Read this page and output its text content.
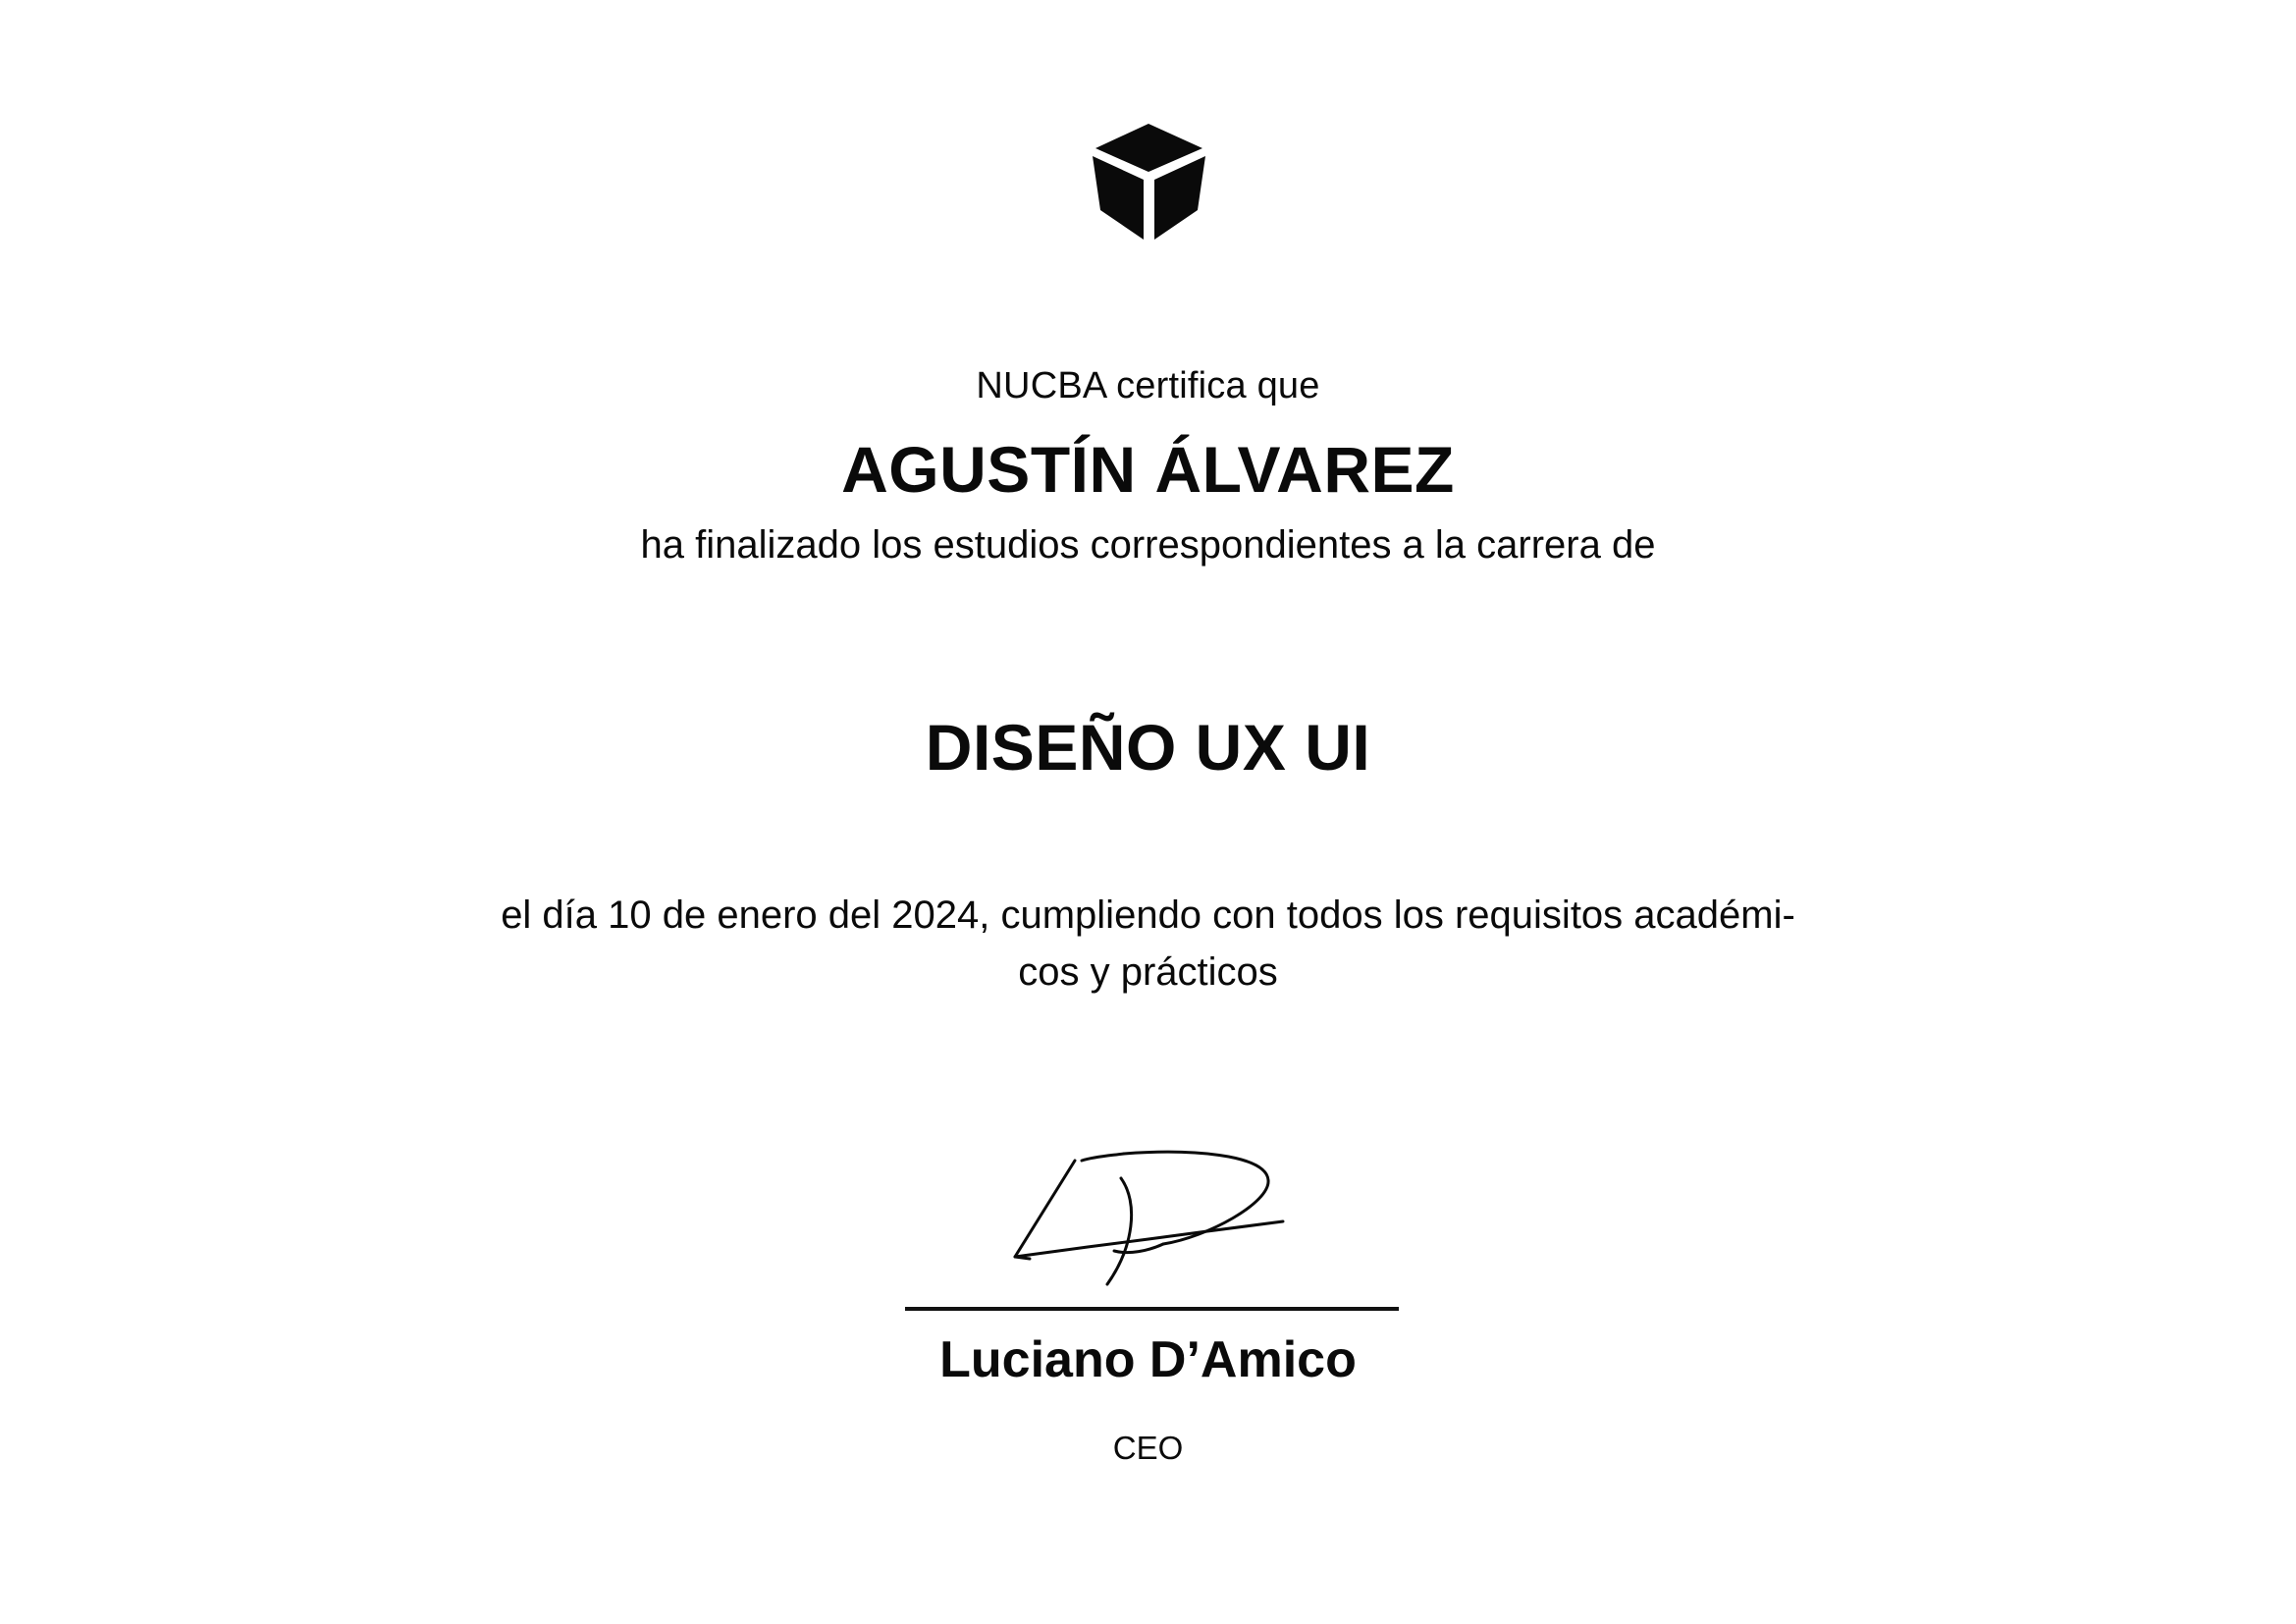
NUCBA certifica que

AGUSTÍN ÁLVAREZ

ha finalizado los estudios correspondientes a la carrera de

DISEÑO UX UI

el día 10 de enero del 2024, cumpliendo con todos los requisitos académi-
cos y prácticos

Luciano D’Amico

CEO
